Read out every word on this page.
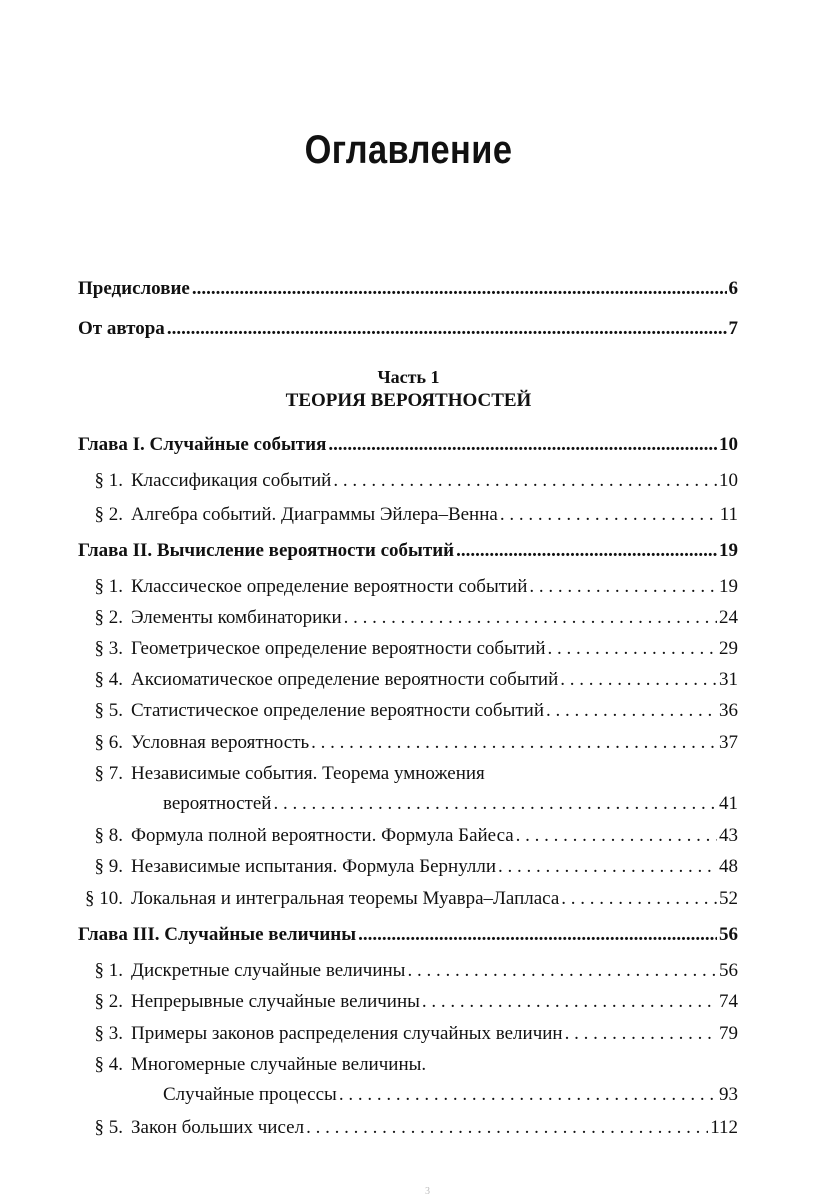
Оглавление
Предисловие .....	6
От автора .....	7
Часть 1
ТЕОРИЯ ВЕРОЯТНОСТЕЙ
Глава I. Случайные события .....	10
§ 1. Классификация событий . . .	10
§ 2. Алгебра событий. Диаграммы Эйлера–Венна . . .	11
Глава II. Вычисление вероятности событий .....	19
§ 1. Классическое определение вероятности событий . . .	19
§ 2. Элементы комбинаторики . . .	24
§ 3. Геометрическое определение вероятности событий . . .	29
§ 4. Аксиоматическое определение вероятности событий . . .	31
§ 5. Статистическое определение вероятности событий . . .	36
§ 6. Условная вероятность . . .	37
§ 7. Независимые события. Теорема умножения
вероятностей . . .	41
§ 8. Формула полной вероятности. Формула Байеса . . .	43
§ 9. Независимые испытания. Формула Бернулли . . .	48
§ 10. Локальная и интегральная теоремы Муавра–Лапласа . . .	52
Глава III. Случайные величины .....	56
§ 1. Дискретные случайные величины . . .	56
§ 2. Непрерывные случайные величины . . .	74
§ 3. Примеры законов распределения случайных величин . . .	79
§ 4. Многомерные случайные величины.
Случайные процессы . . .	93
§ 5. Закон больших чисел . . .	112
3
